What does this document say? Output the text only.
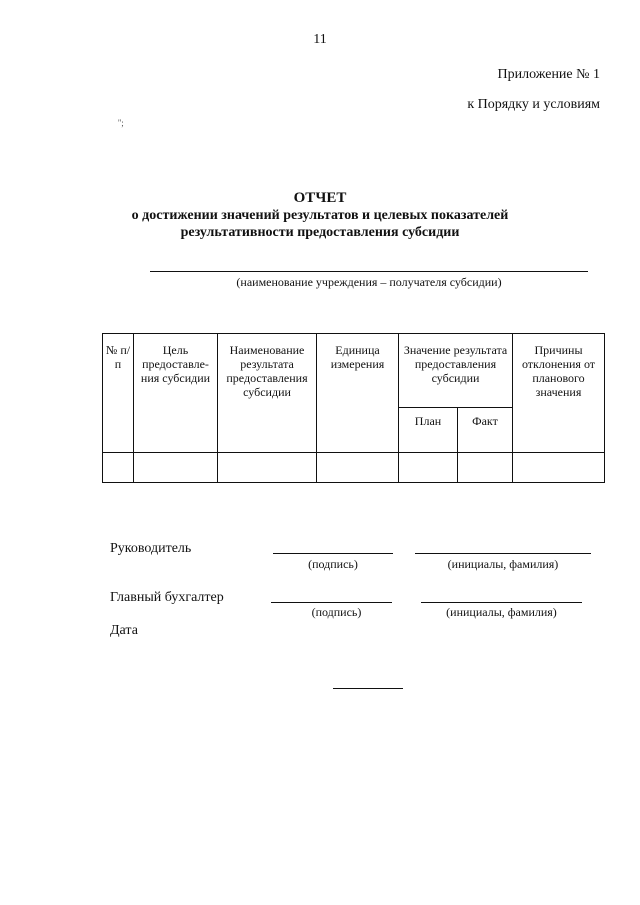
11
Приложение № 1
к Порядку и условиям
'';
ОТЧЕТ
о достижении значений результатов и целевых показателей
результативности предоставления субсидии
(наименование учреждения – получателя субсидии)
№ п/п	Цель предоставле-ния субсидии	Наименование результата предоставления субсидии	Единица измерения	Значение результата предоставления субсидии		Причины отклонения от планового значения
				План	Факт	

Руководитель
(подпись)	(инициалы, фамилия)
Главный бухгалтер
(подпись)	(инициалы, фамилия)
Дата
